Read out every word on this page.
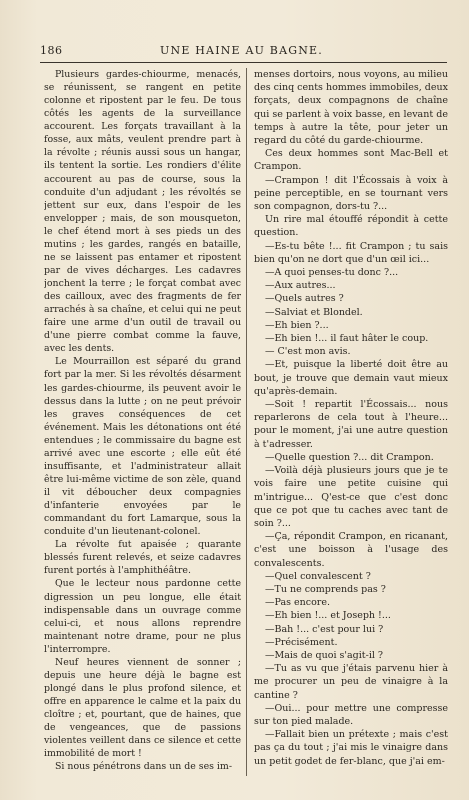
186	UNE HAINE AU BAGNE.

Plusieurs gardes-chiourme, menacés, se réunissent, se rangent en petite colonne et ripostent par le feu. De tous côtés les agents de la surveillance accourent. Les forçats travaillant à la fosse, aux mâts, veulent prendre part à la révolte ; réunis aussi sous un hangar, ils tentent la sortie. Les rondiers d'élite accourent au pas de course, sous la conduite d'un adjudant ; les révoltés se jettent sur eux, dans l'espoir de les envelopper ; mais, de son mousqueton, le chef étend mort à ses pieds un des mutins ; les gardes, rangés en bataille, ne se laissent pas entamer et ripostent par de vives décharges. Les cadavres jonchent la terre ; le forçat combat avec des cailloux, avec des fragments de fer arrachés à sa chaîne, et celui qui ne peut faire une arme d'un outil de travail ou d'une pierre combat comme la fauve, avec les dents.

Le Mourraillon est séparé du grand fort par la mer. Si les révoltés désarment les gardes-chiourme, ils peuvent avoir le dessus dans la lutte ; on ne peut prévoir les graves conséquences de cet événement. Mais les détonations ont été entendues ; le commissaire du bagne est arrivé avec une escorte ; elle eût été insuffisante, et l'administrateur allait être lui-même victime de son zèle, quand il vit déboucher deux compagnies d'infanterie envoyées par le commandant du fort Lamarque, sous la conduite d'un lieutenant-colonel.

La révolte fut apaisée ; quarante blessés furent relevés, et seize cadavres furent portés à l'amphithéâtre.

Que le lecteur nous pardonne cette digression un peu longue, elle était indispensable dans un ouvrage comme celui-ci, et nous allons reprendre maintenant notre drame, pour ne plus l'interrompre.

Neuf heures viennent de sonner ; depuis une heure déjà le bagne est plongé dans le plus profond silence, et offre en apparence le calme et la paix du cloître ; et, pourtant, que de haines, que de vengeances, que de passions violentes veillent dans ce silence et cette immobilité de mort !

Si nous pénétrons dans un de ses im-

menses dortoirs, nous voyons, au milieu des cinq cents hommes immobiles, deux forçats, deux compagnons de chaîne qui se parlent à voix basse, en levant de temps à autre la tête, pour jeter un regard du côté du garde-chiourme.

Ces deux hommes sont Mac-Bell et Crampon.

—Crampon ! dit l'Écossais à voix à peine perceptible, en se tournant vers son compagnon, dors-tu ?...

Un rire mal étouffé répondit à cette question.

—Es-tu bête !... fit Crampon ; tu sais bien qu'on ne dort que d'un œil ici...

—A quoi penses-tu donc ?...

—Aux autres...

—Quels autres ?

—Salviat et Blondel.

—Eh bien ?...

—Eh bien !... il faut hâter le coup.

— C'est mon avis.

—Et, puisque la liberté doit être au bout, je trouve que demain vaut mieux qu'après-demain.

—Soit ! repartit l'Écossais... nous reparlerons de cela tout à l'heure... pour le moment, j'ai une autre question à t'adresser.

—Quelle question ?... dit Crampon.

—Voilà déjà plusieurs jours que je te vois faire une petite cuisine qui m'intrigue... Q'est-ce que c'est donc que ce pot que tu caches avec tant de soin ?...

—Ça, répondit Crampon, en ricanant, c'est une boisson à l'usage des convalescents.

—Quel convalescent ?

—Tu ne comprends pas ?

—Pas encore.

—Eh bien !... et Joseph !...

—Bah !... c'est pour lui ?

—Précisément.

—Mais de quoi s'agit-il ?

—Tu as vu que j'étais parvenu hier à me procurer un peu de vinaigre à la cantine ?

—Oui... pour mettre une compresse sur ton pied malade.

—Fallait bien un prétexte ; mais c'est pas ça du tout ; j'ai mis le vinaigre dans un petit godet de fer-blanc, que j'ai em-
